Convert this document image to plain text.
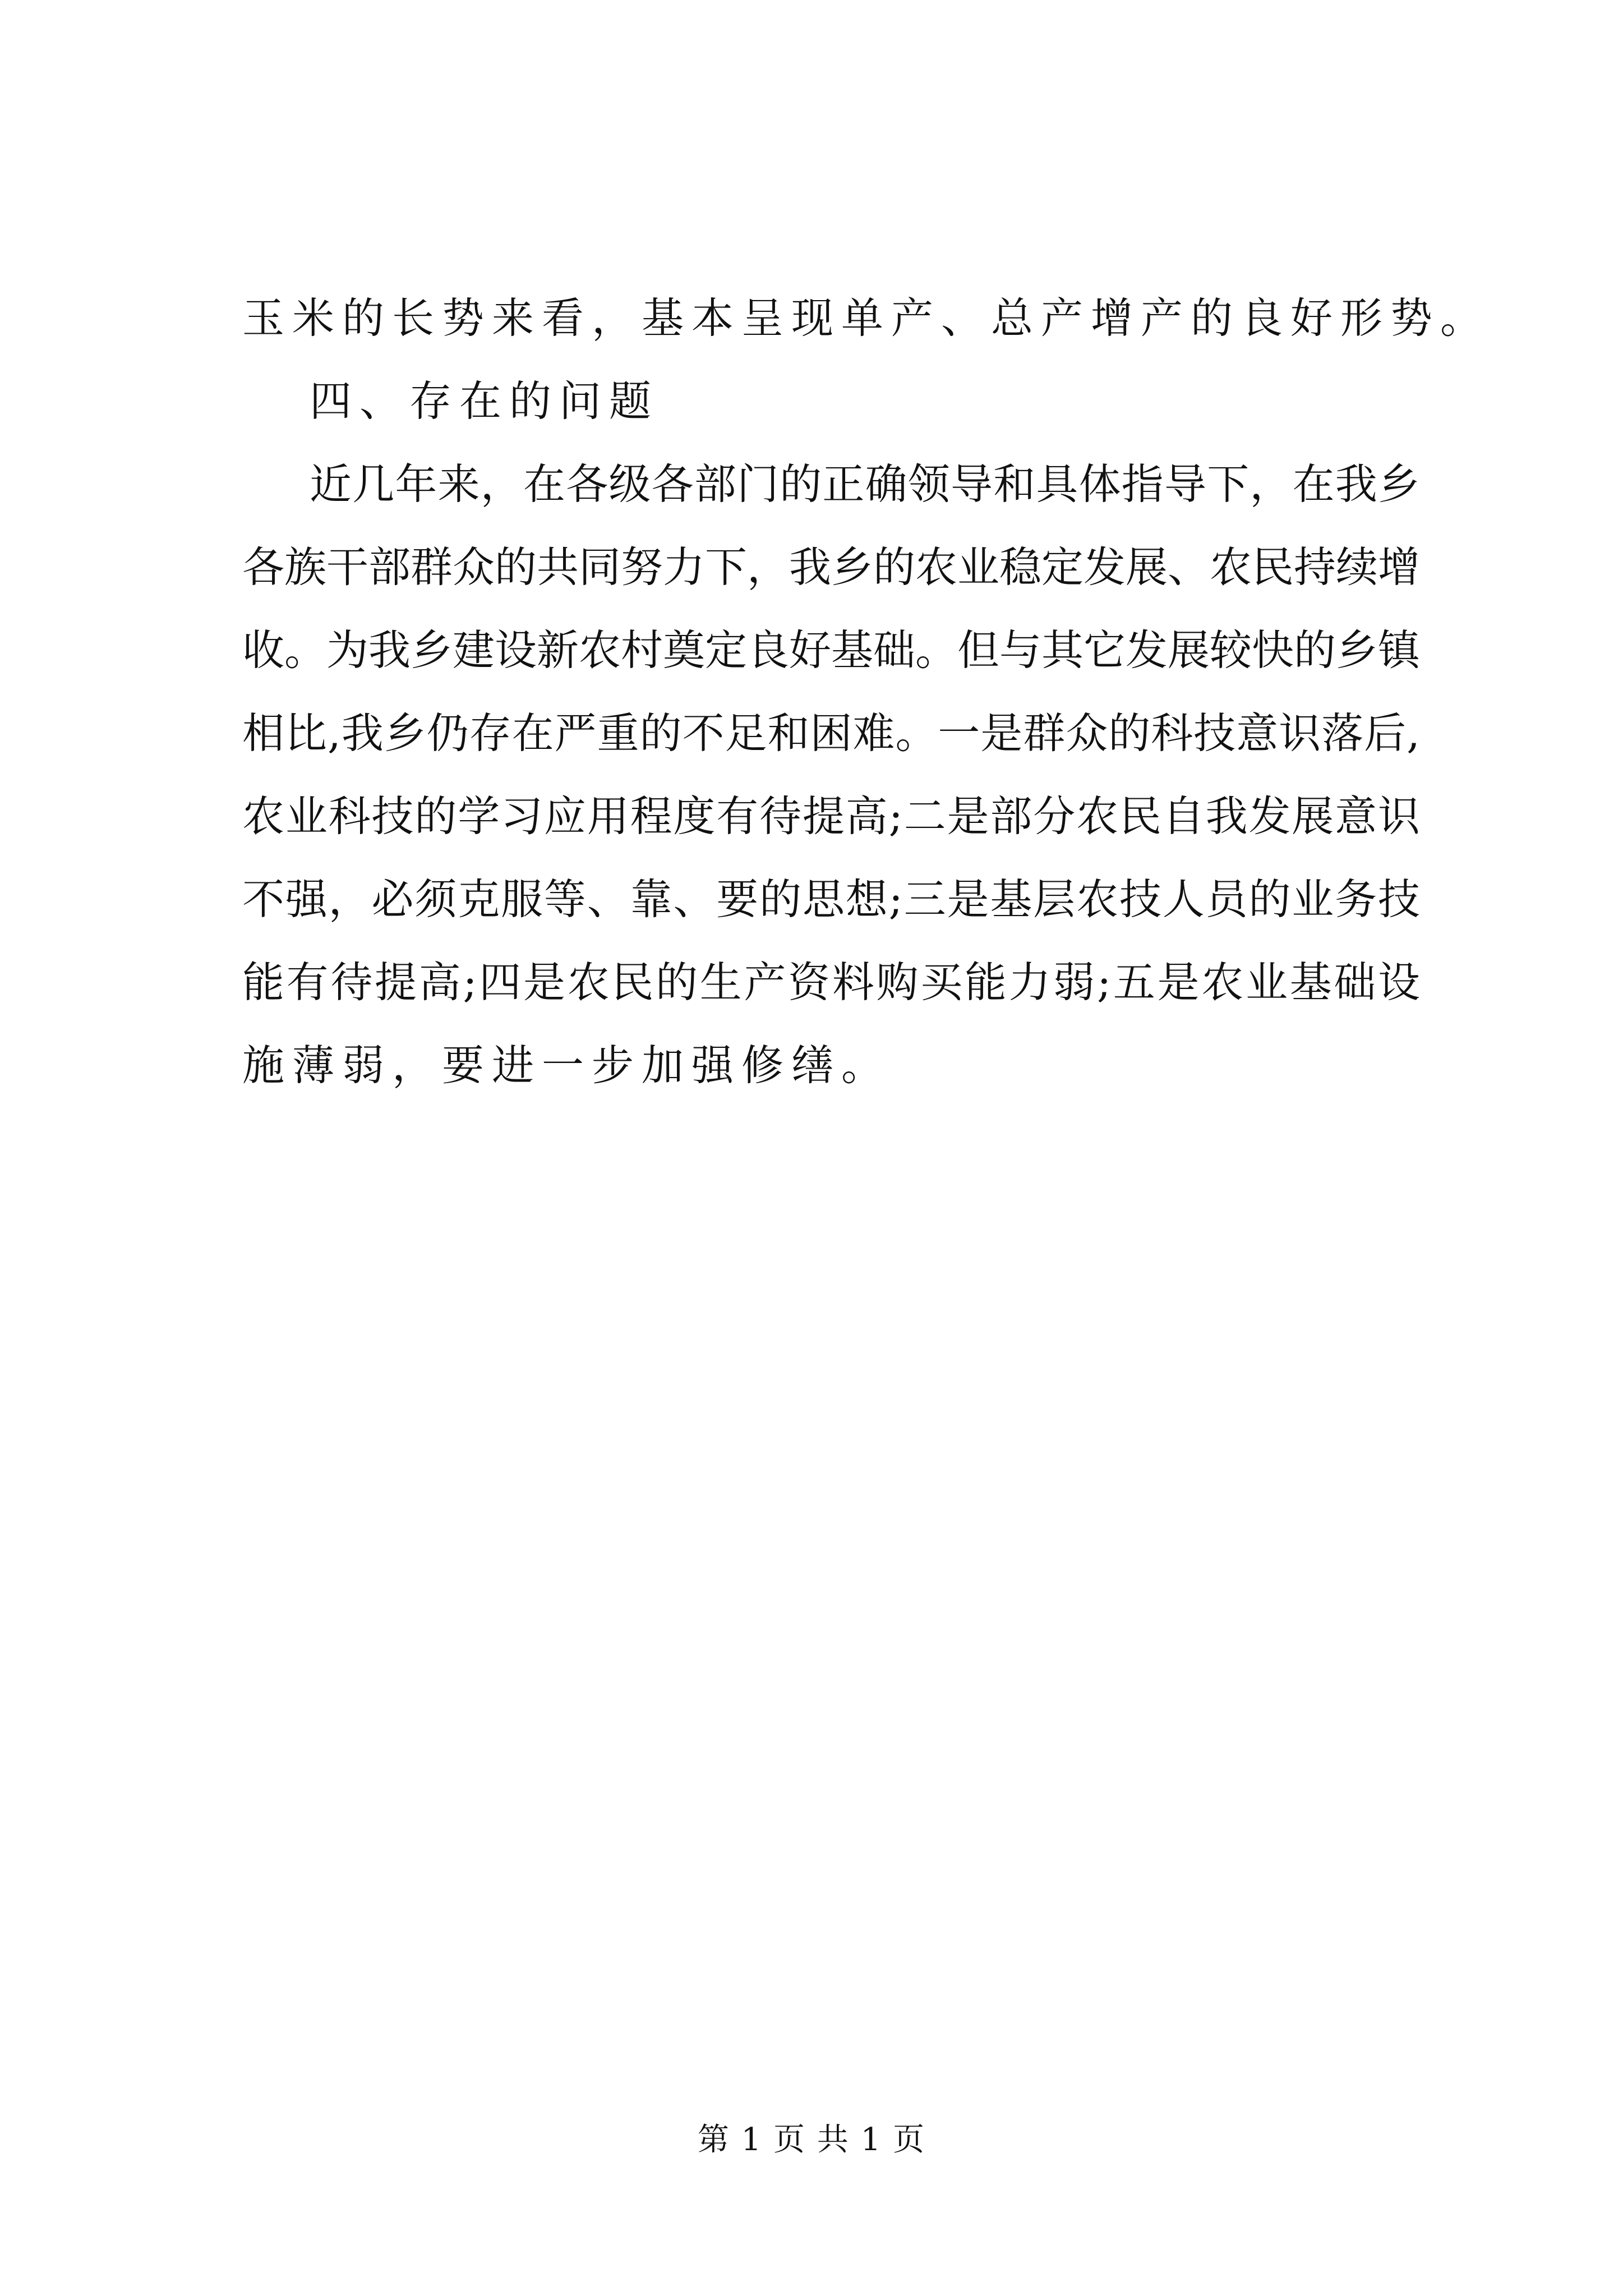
玉米的长势来看，基本呈现单产、总产增产的良好形势。
四、存在的问题
近几年来，在各级各部门的正确领导和具体指导下，在我乡
各族干部群众的共同努力下，我乡的农业稳定发展、农民持续增
收。为我乡建设新农村奠定良好基础。但与其它发展较快的乡镇
相比,我乡仍存在严重的不足和困难。一是群众的科技意识落后,
农业科技的学习应用程度有待提高;二是部分农民自我发展意识
不强，必须克服等、靠、要的思想;三是基层农技人员的业务技
能有待提高;四是农民的生产资料购买能力弱;五是农业基础设
施薄弱，要进一步加强修缮。
第 1 页 共 1 页
